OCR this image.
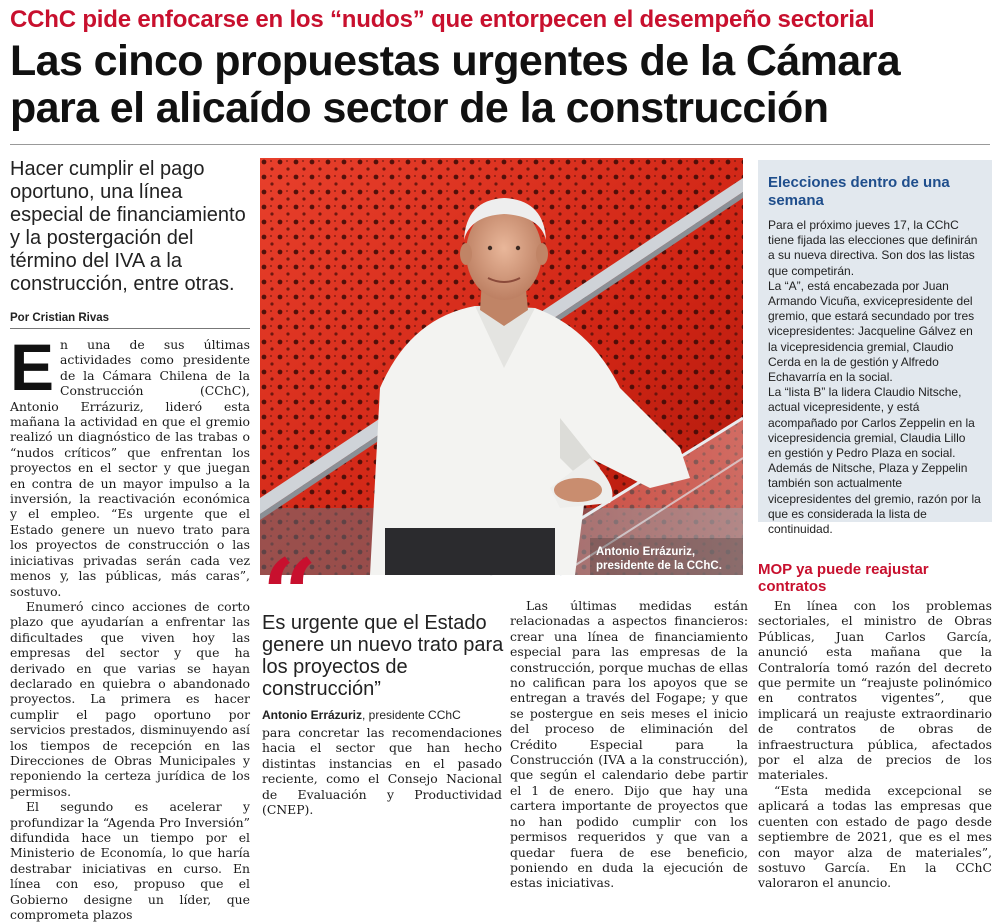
CChC pide enfocarse en los “nudos” que entorpecen el desempeño sectorial
Las cinco propuestas urgentes de la Cámara para el alicaído sector de la construcción
Hacer cumplir el pago oportuno, una línea especial de financiamiento y la postergación del término del IVA a la construcción, entre otras.
Por Cristian Rivas

En una de sus últimas actividades como presidente de la Cámara Chilena de la Construcción (CChC), Antonio Errázuriz, lideró esta mañana la actividad en que el gremio realizó un diagnóstico de las trabas o “nudos críticos” que enfrentan los proyectos en el sector y que juegan en contra de un mayor impulso a la inversión, la reactivación económica y el empleo. “Es urgente que el Estado genere un nuevo trato para los proyectos de construcción o las iniciativas privadas serán cada vez menos y, las públicas, más caras”, sostuvo.

Enumeró cinco acciones de corto plazo que ayudarían a enfrentar las dificultades que viven hoy las empresas del sector y que ha derivado en que varias se hayan declarado en quiebra o abandonado proyectos. La primera es hacer cumplir el pago oportuno por servicios prestados, disminuyendo así los tiempos de recepción en las Direcciones de Obras Municipales y reponiendo la certeza jurídica de los permisos.

El segundo es acelerar y profundizar la “Agenda Pro Inversión” difundida hace un tiempo por el Ministerio de Economía, lo que haría destrabar iniciativas en curso. En línea con eso, propuso que el Gobierno designe un líder, que comprometa plazos

Antonio Errázuriz,
presidente de la CChC.
Elecciones dentro de una semana
Para el próximo jueves 17, la CChC tiene fijada las elecciones que definirán a su nueva directiva. Son dos las listas que competirán.
La “A”, está encabezada por Juan Armando Vicuña, exvicepresidente del gremio, que estará secundado por tres vicepresidentes: Jacqueline Gálvez en la vicepresidencia gremial, Claudio Cerda en la de gestión y Alfredo Echavarría en la social.
La “lista B” la lidera Claudio Nitsche, actual vicepresidente, y está acompañado por Carlos Zeppelin en la vicepresidencia gremial, Claudia Lillo en gestión y Pedro Plaza en social. Además de Nitsche, Plaza y Zeppelin también son actualmente vicepresidentes del gremio, razón por la que es considerada la lista de continuidad.
“
Es urgente que el Estado genere un nuevo trato para los proyectos de construcción”
Antonio Errázuriz, presidente CChC

para concretar las recomendaciones hacia el sector que han hecho distintas instancias en el pasado reciente, como el Consejo Nacional de Evaluación y Productividad (CNEP).

Las últimas medidas están relacionadas a aspectos financieros: crear una línea de financiamiento especial para las empresas de la construcción, porque muchas de ellas no califican para los apoyos que se entregan a través del Fogape; y que se postergue en seis meses el inicio del proceso de eliminación del Crédito Especial para la Construcción (IVA a la construcción), que según el calendario debe partir el 1 de enero. Dijo que hay una cartera importante de proyectos que no han podido cumplir con los permisos requeridos y que van a quedar fuera de ese beneficio, poniendo en duda la ejecución de estas iniciativas.

MOP ya puede reajustar contratos

En línea con los problemas sectoriales, el ministro de Obras Públicas, Juan Carlos García, anunció esta mañana que la Contraloría tomó razón del decreto que permite un “reajuste polinómico en contratos vigentes”, que implicará un reajuste extraordinario de contratos de obras de infraestructura pública, afectados por el alza de precios de los materiales.

“Esta medida excepcional se aplicará a todas las empresas que cuenten con estado de pago desde septiembre de 2021, que es el mes con mayor alza de materiales”, sostuvo García. En la CChC valoraron el anuncio.
